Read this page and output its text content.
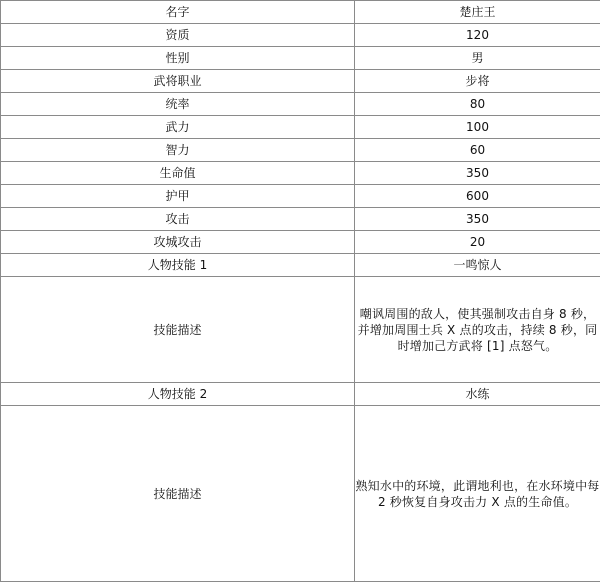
名字	楚庄王
资质	120
性别	男
武将职业	步将
统率	80
武力	100
智力	60
生命值	350
护甲	600
攻击	350
攻城攻击	20
人物技能 1	一鸣惊人
技能描述	嘲讽周围的敌人，使其强制攻击自身 8 秒，并增加周围士兵 X 点的攻击，持续 8 秒，同时增加己方武将 [1] 点怒气。
人物技能 2	水练
技能描述	熟知水中的环境，此谓地利也，在水环境中每 2 秒恢复自身攻击力 X 点的生命值。
